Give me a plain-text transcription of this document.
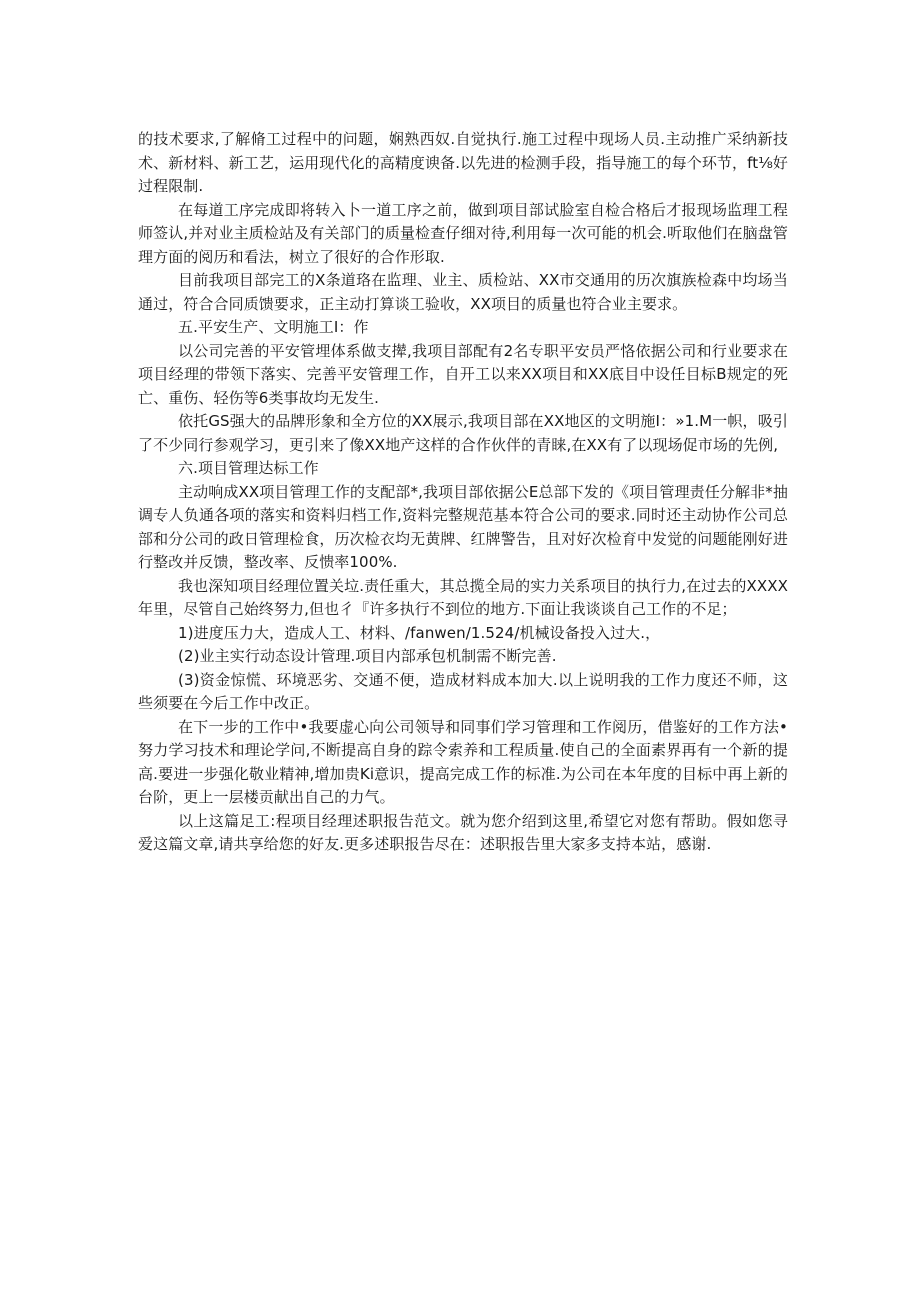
的技术要求,了解脩工过程中的问题，娴熟西奴.自觉执行.施工过程中现场人员.主动推广采纳新技术、新材料、新工艺，运用现代化的高精度谀备.以先进的检测手段，指导施工的每个环节，ft⅛好过程限制.

在每道工序完成即将转入卜一道工序之前，做到项目部试脸室自检合格后才报现场监理工程师签认,并对业主质检站及有关部门的质量检查仔细对待,利用每一次可能的机会.听取他们在脑盘管理方面的阅历和看法，树立了很好的合作形取.

目前我项目部完工的X条道珞在监理、业主、质检站、XX市交通用的历次旗族检森中均场当通过，符合合同质馈要求，正主动打算谈工验收，XX项目的质量也符合业主要求。

五.平安生产、文明施工I：作

以公司完善的平安管埋体系做支撵,我项目部配有2名专职平安员严恪依据公司和行业要求在项目经理的带领下落实、完善平安管理工作，自开工以来XX项目和XX底目中设任目标B规定的死亡、重伤、轻伤等6类事故均无发生.

依托GS强大的品牌形象和全方位的XX展示,我项目部在XX地区的文明施I：»1.M一帜，吸引了不少同行参观学习，更引来了像XX地产这样的合作伙伴的青睐,在XX有了以现场促市场的先例,

六.项目管理达标工作

主动响成XX项目管理工作的支配部*,我项目部依据公E总部下发的《项目管理责任分解非*抽调专人负通各项的落实和资料归档工作,资料完整规范基本符合公司的要求.同时还主动协作公司总部和分公司的政日管理检食，历次检衣均无黄牌、红牌警告，且对好次检育中发觉的问题能刚好进行整改并反馈，整改率、反愦率100%.

我也深知项目经理位置关垃.责任重大，其总揽全局的实力关系项目的执行力,在过去的XXXX年里，尽管自己始终努力,但也彳『许多执行不到位的地方.下面让我谈谈自己工作的不足；

1)进度压力大，造成人工、材料、/fanwen/1.524/机械设备投入过大.，

(2)业主实行动态设计管理.项目内部承包机制需不断完善.

(3)资金惊慌、环境恶劣、交通不便，造成材料成本加大.以上说明我的工作力度还不师，这些须要在今后工作中改正。

在下一步的工作中•我要虚心向公司领导和同事们学习管理和工作阅历，借鉴好的工作方法•努力学习技术和理论学问,不断提高自身的踪令索养和工程质量.使自己的全面素界再有一个新的提高.要进一步强化敬业精神,增加贵Ki意识，提高完成工作的标准.为公司在本年度的目标中再上新的台阶，更上一层楼贡献出自己的力气。

以上这篇足工:程项目经理述职报告范文。就为您介绍到这里,希望它对您有帮助。假如您寻爱这篇文章,请共享给您的好友.更多述职报告尽在：述职报告里大家多支持本站，感谢.
